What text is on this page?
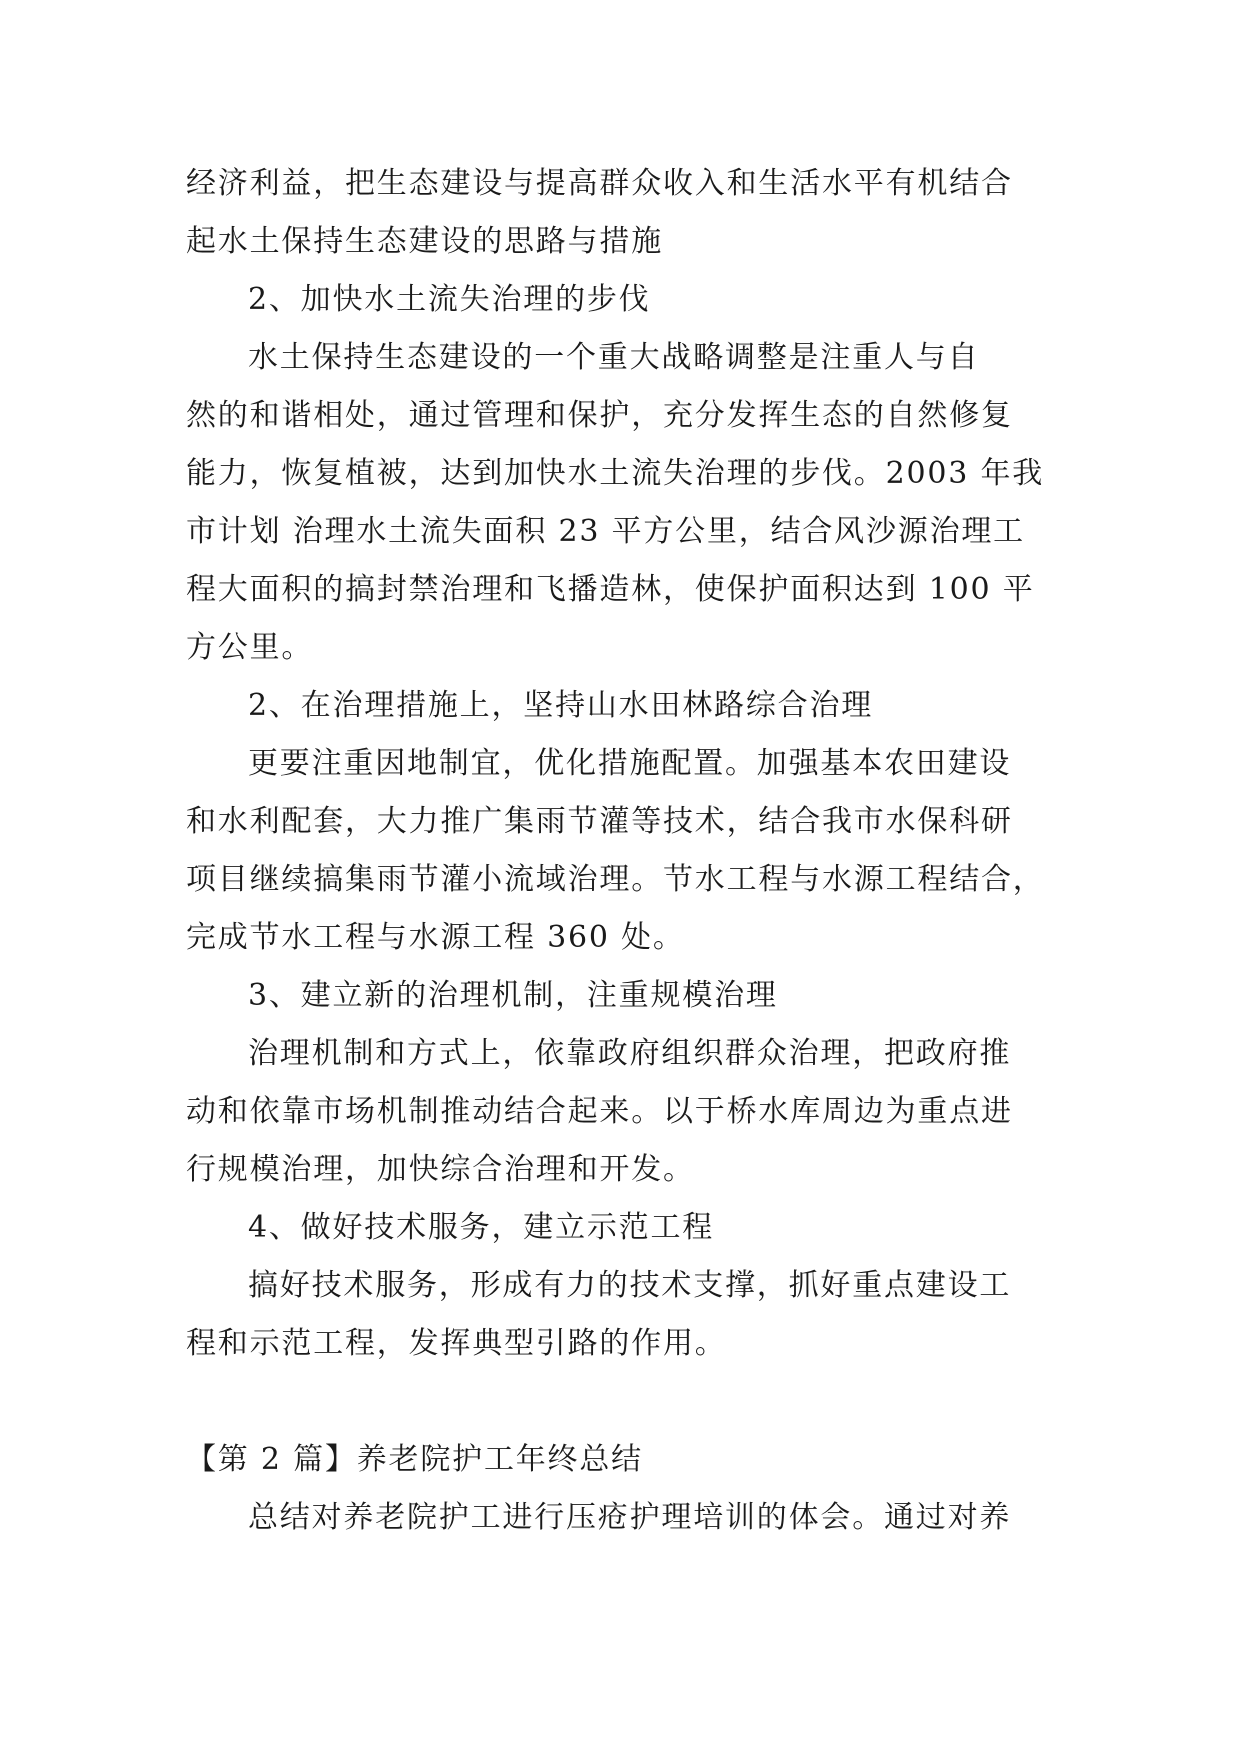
经济利益，把生态建设与提高群众收入和生活水平有机结合
起水土保持生态建设的思路与措施
2、加快水土流失治理的步伐
水土保持生态建设的一个重大战略调整是注重人与自
然的和谐相处，通过管理和保护，充分发挥生态的自然修复
能力，恢复植被，达到加快水土流失治理的步伐。2003 年我
市计划 治理水土流失面积 23 平方公里，结合风沙源治理工
程大面积的搞封禁治理和飞播造林，使保护面积达到 100 平
方公里。
2、在治理措施上，坚持山水田林路综合治理
更要注重因地制宜，优化措施配置。加强基本农田建设
和水利配套，大力推广集雨节灌等技术，结合我市水保科研
项目继续搞集雨节灌小流域治理。节水工程与水源工程结合，
完成节水工程与水源工程 360 处。
3、建立新的治理机制，注重规模治理
治理机制和方式上，依靠政府组织群众治理，把政府推
动和依靠市场机制推动结合起来。以于桥水库周边为重点进
行规模治理，加快综合治理和开发。
4、做好技术服务，建立示范工程
搞好技术服务，形成有力的技术支撑，抓好重点建设工
程和示范工程，发挥典型引路的作用。
【第 2 篇】养老院护工年终总结
总结对养老院护工进行压疮护理培训的体会。通过对养
